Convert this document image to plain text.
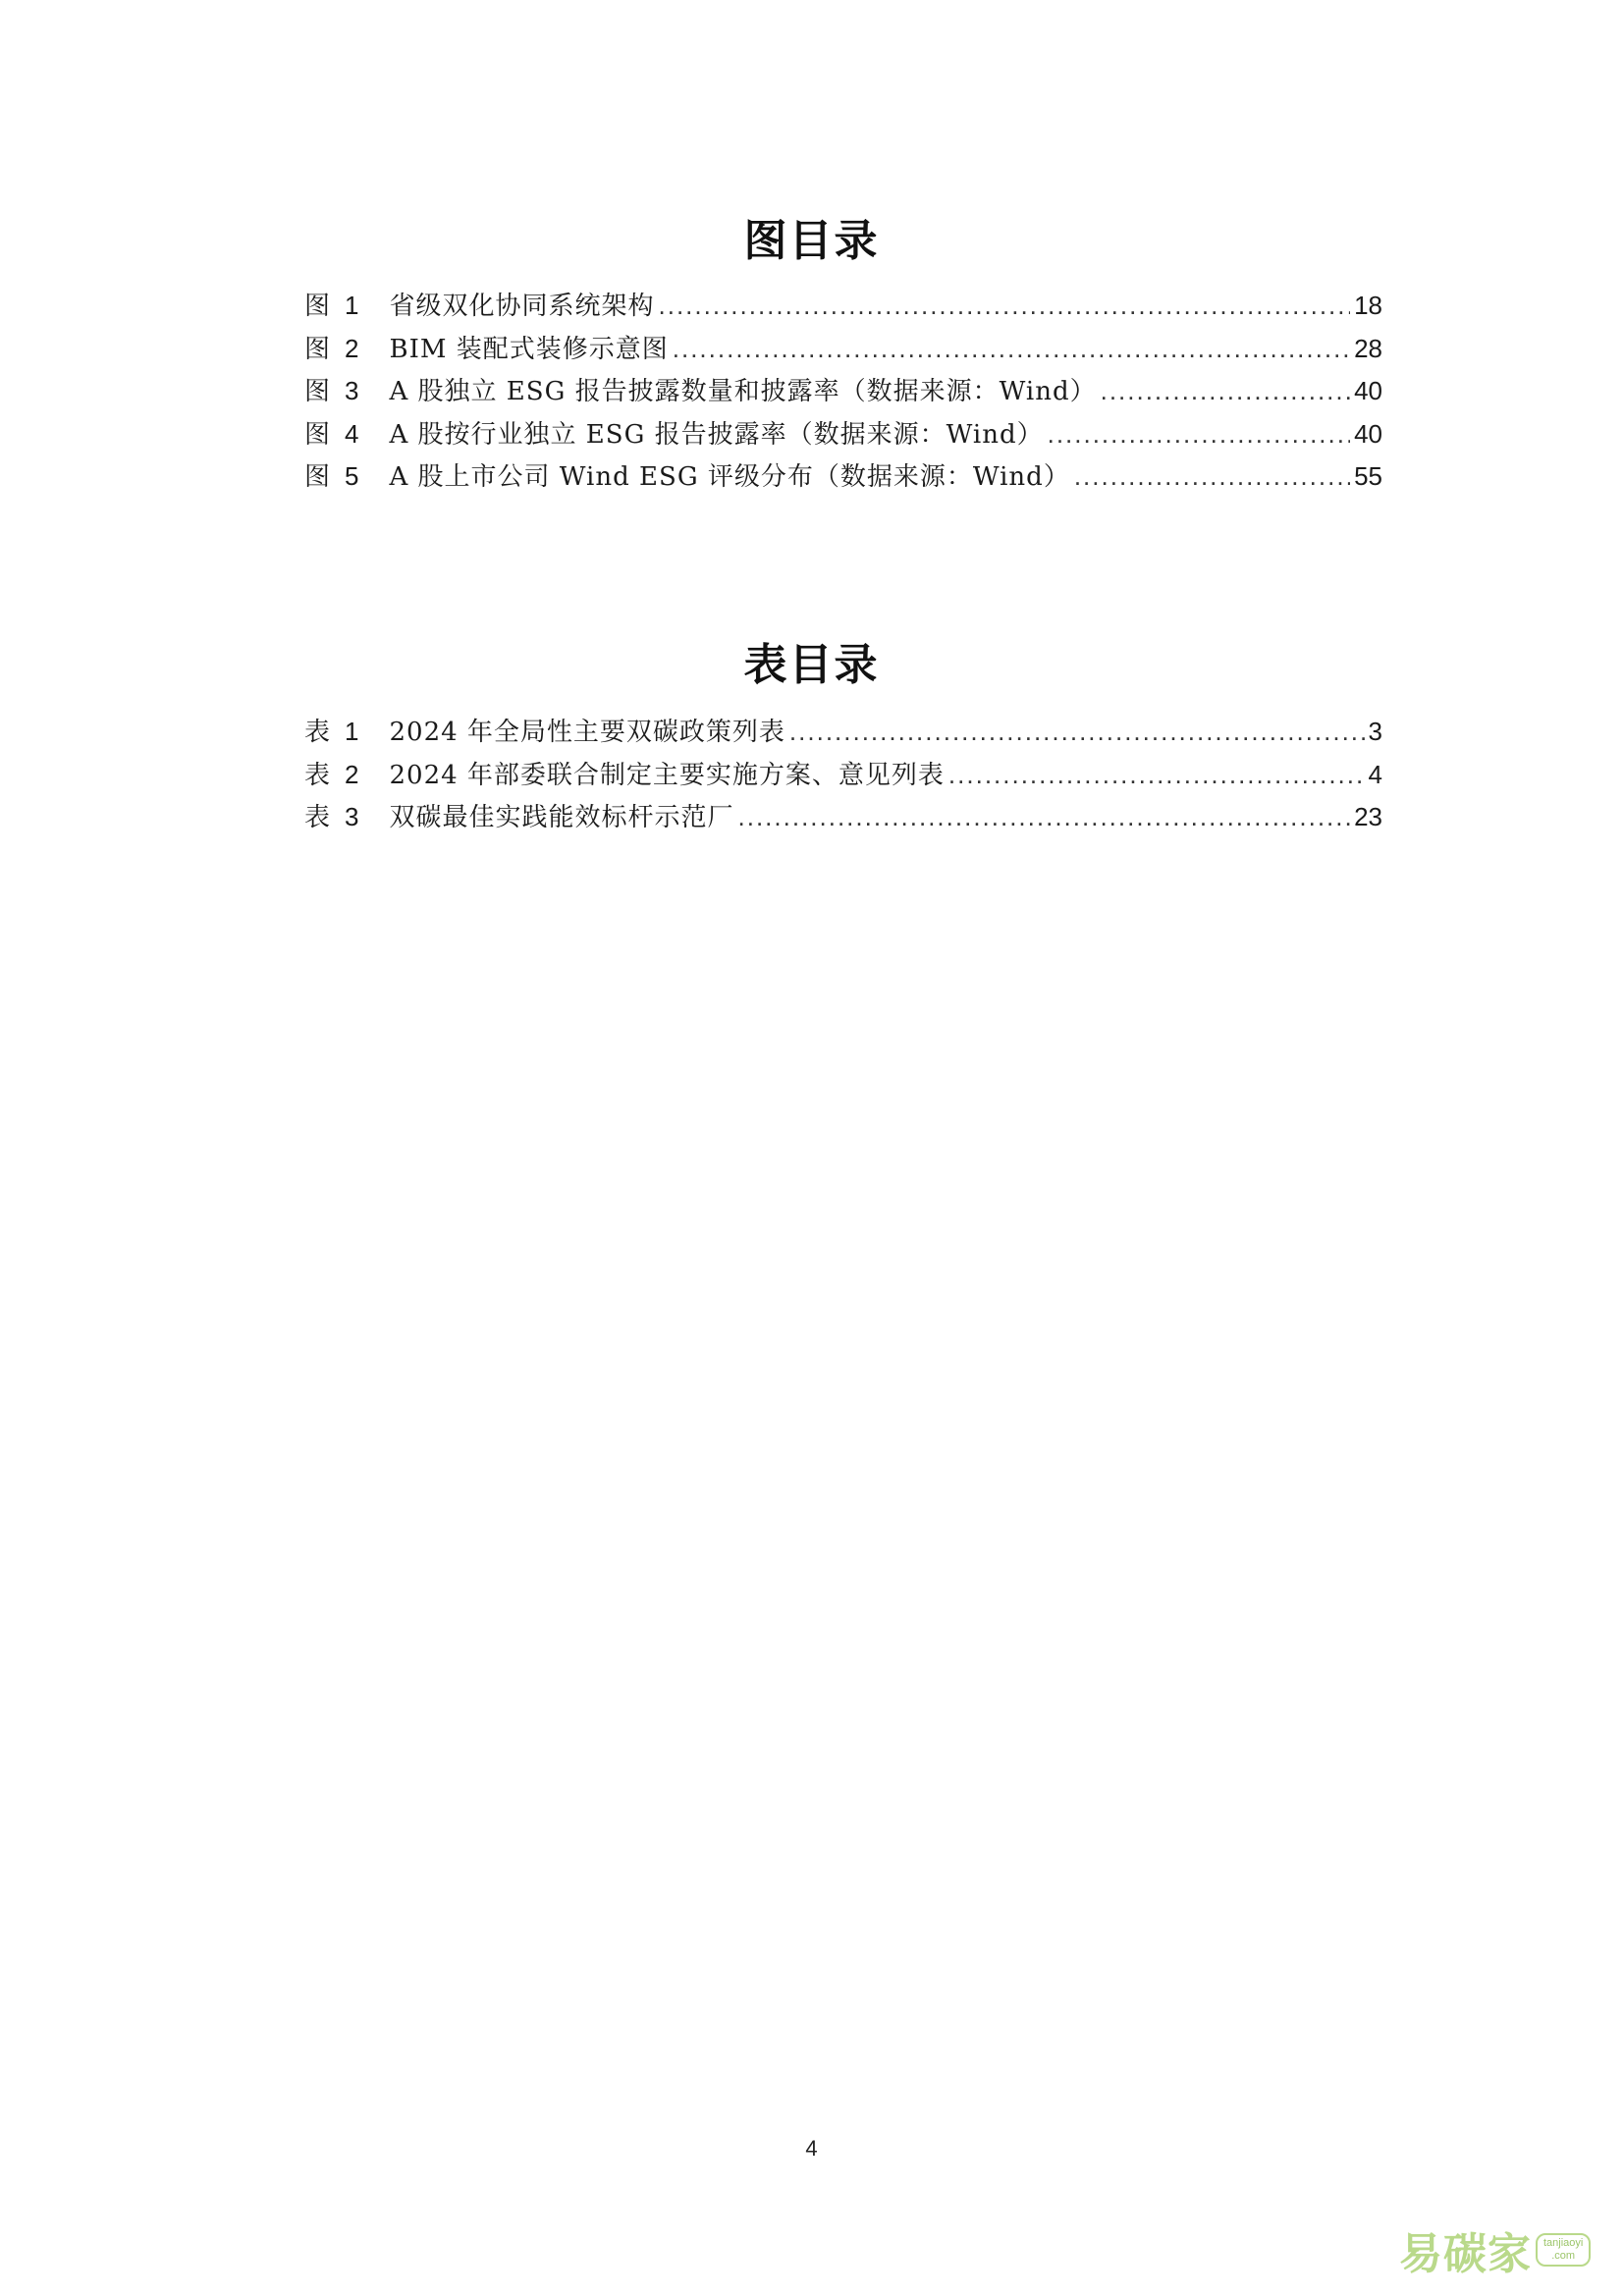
图目录
图 1 省级双化协同系统架构 .....	18
图 2 BIM 装配式装修示意图 .....	28
图 3 A 股独立 ESG 报告披露数量和披露率（数据来源：Wind） .....	40
图 4 A 股按行业独立 ESG 报告披露率（数据来源：Wind） .....	40
图 5 A 股上市公司 Wind ESG 评级分布（数据来源：Wind） .....	55
表目录
表 1 2024 年全局性主要双碳政策列表 .....	3
表 2 2024 年部委联合制定主要实施方案、意见列表 .....	4
表 3 双碳最佳实践能效标杆示范厂 .....	23
4
易碳家	tanjiaoyi
.com
